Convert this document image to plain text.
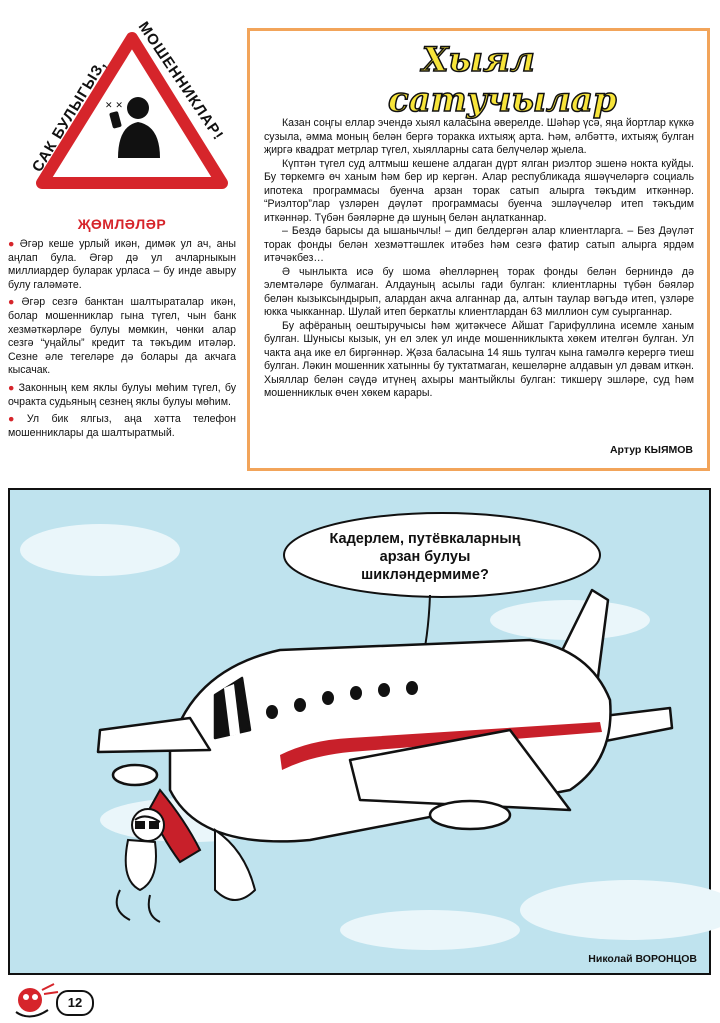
✕ ✕
САК БУЛЫГЫЗ,
МОШЕННИКЛАР!
ҖӨМЛӘЛӘР

● Әгәр кеше урлый икән, димәк ул ач, аны аңлап була. Әгәр дә ул ачларныкын миллиардер буларак урласа – бу инде авыру булу галәмәте.

● Әгәр сезгә банктан шалтыраталар икән, болар мошенниклар гына түгел, чын банк хезмәткәрләре булуы мөмкин, чөнки алар сезгә “уңайлы” кредит та тәкъдим итәләр. Сезне әле тегеләре дә болары да акчага кысачак.

● Законның кем яклы булуы мөһим түгел, бу очракта судьяның сезнең яклы булуы мөһим.

● Ул бик ялгыз, аңа хәтта телефон мошенниклары да шалтыратмый.

Хыял
сатучылар

Казан соңгы еллар эчендә хыял каласына әверелде. Шәһәр үсә, яңа йортлар күккә сузыла, әмма моның белән бергә торакка ихтыяҗ арта. Һәм, әлбәттә, ихтыяҗ булган җиргә квадрат метрлар түгел, хыялларны сата белүчеләр җыела.

Күптән түгел суд алтмыш кешене алдаган дүрт ялган риэлтор эшенә нокта куйды. Бу төркемгә өч ханым һәм бер ир кергән. Алар республикада яшәүчеләргә социаль ипотека программасы буенча арзан торак сатып алырга тәкъдим иткәннәр. “Риэлтор”лар үзләрен дәүләт программасы буенча эшләүчеләр итеп тәкъдим иткәннәр. Түбән бәяләрне дә шуның белән аңлатканнар.

– Бездә барысы да ышанычлы! – дип белдергән алар клиентларга. – Без Дәүләт торак фонды белән хезмәттәшлек итәбез һәм сезгә фатир сатып алырга ярдәм итәчәкбез…

Ә чынлыкта исә бу шома әһелләрнең торак фонды белән берниндә дә элемтәләре булмаган. Алдауның асылы гади булган: клиентларны түбән бәяләр белән кызыксындырып, алардан акча алганнар да, алтын таулар вәгъдә итеп, үзләре юкка чыкканнар. Шулай итеп беркатлы клиентлардан 63 миллион сум суырганнар.

Бу афёраның оештыручысы һәм җитәкчесе Айшат Гарифуллина исемле ханым булган. Шунысы кызык, ун ел элек ул инде мошенниклыкта хөкем ителгән булган. Ул чакта аңа ике ел биргәннәр. Җәза баласына 14 яшь тулгач кына гамәлгә керергә тиеш булган. Ләкин мошенник хатынны бу туктатмаган, кешеләрне алдавын ул дәвам иткән. Хыяллар белән сәүдә итүнең ахыры мантыйклы булган: тикшерү эшләре, суд һәм мошенниклык өчен хөкем карары.

Артур КЫЯМОВ
Кадерлем, путёвкаларның
арзан булуы
шикләндермиме?
Николай ВОРОНЦОВ
12
